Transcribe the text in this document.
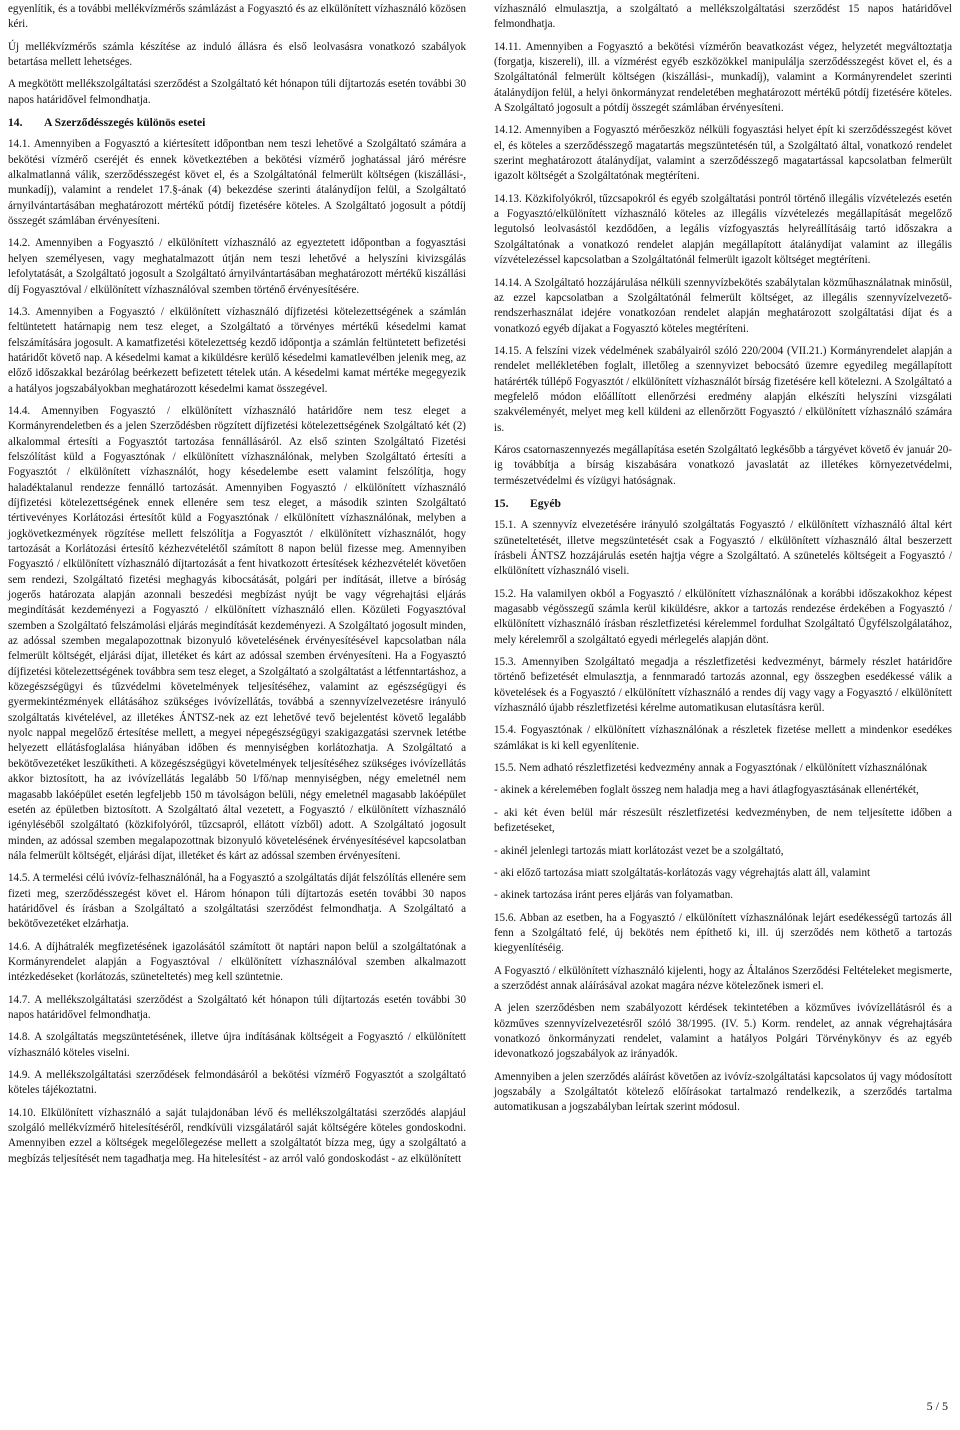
egyenlítik, és a további mellékvízmérős számlázást a Fogyasztó és az elkülönített vízhasználó közösen kéri.

Új mellékvízmérős számla készítése az induló állásra és első leolvasásra vonatkozó szabályok betartása mellett lehetséges.

A megkötött mellékszolgáltatási szerződést a Szolgáltató két hónapon túli díjtartozás esetén további 30 napos határidővel felmondhatja.

14. A Szerződésszegés különös esetei

14.1. Amennyiben a Fogyasztó a kiértesített időpontban nem teszi lehetővé a Szolgáltató számára a bekötési vízmérő cseréjét és ennek következtében a bekötési vízmérő joghatással járó mérésre alkalmatlanná válik, szerződésszegést követ el, és a Szolgáltatónál felmerült költségen (kiszállási-, munkadíj), valamint a rendelet 17.§-ának (4) bekezdése szerinti átalánydíjon felül, a Szolgáltató árnyilvántartásában meghatározott mértékű pótdíj fizetésére köteles. A Szolgáltató jogosult a pótdíj összegét számlában érvényesíteni.

14.2. Amennyiben a Fogyasztó / elkülönített vízhasználó az egyeztetett időpontban a fogyasztási helyen személyesen, vagy meghatalmazott útján nem teszi lehetővé a helyszíni kivizsgálás lefolytatását, a Szolgáltató jogosult a Szolgáltató árnyilvántartásában meghatározott mértékű kiszállási díj Fogyasztóval / elkülönített vízhasználóval szemben történő érvényesítésére.

14.3. Amennyiben a Fogyasztó / elkülönített vízhasználó díjfizetési kötelezettségének a számlán feltüntetett határnapig nem tesz eleget, a Szolgáltató a törvényes mértékű késedelmi kamat felszámítására jogosult. A kamatfizetési kötelezettség kezdő időpontja a számlán feltüntetett befizetési határidőt követő nap. A késedelmi kamat a kiküldésre kerülő késedelmi kamatlevélben jelenik meg, az előző időszakkal bezárólag beérkezett befizetett tételek után. A késedelmi kamat mértéke megegyezik a hatályos jogszabályokban meghatározott késedelmi kamat összegével.

14.4. Amennyiben Fogyasztó / elkülönített vízhasználó határidőre nem tesz eleget a Kormányrendeletben és a jelen Szerződésben rögzített díjfizetési kötelezettségének Szolgáltató két (2) alkalommal értesíti a Fogyasztót tartozása fennállásáról. Az első szinten Szolgáltató Fizetési felszólítást küld a Fogyasztónak / elkülönített vízhasználónak, melyben Szolgáltató értesíti a Fogyasztót / elkülönített vízhasználót, hogy késedelembe esett valamint felszólítja, hogy haladéktalanul rendezze fennálló tartozását. Amennyiben Fogyasztó / elkülönített vízhasználó díjfizetési kötelezettségének ennek ellenére sem tesz eleget, a második szinten Szolgáltató tértivevényes Korlátozási értesítőt küld a Fogyasztónak / elkülönített vízhasználónak, melyben a jogkövetkezmények rögzítése mellett felszólítja a Fogyasztót / elkülönített vízhasználót, hogy tartozását a Korlátozási értesítő kézhezvételétől számított 8 napon belül fizesse meg. Amennyiben Fogyasztó / elkülönített vízhasználó díjtartozását a fent hivatkozott értesítések kézhezvételét követően sem rendezi, Szolgáltató fizetési meghagyás kibocsátását, polgári per indítását, illetve a bíróság jogerős határozata alapján azonnali beszedési megbízást nyújt be vagy végrehajtási eljárás megindítását kezdeményezi a Fogyasztó / elkülönített vízhasználó ellen. Közületi Fogyasztóval szemben a Szolgáltató felszámolási eljárás megindítását kezdeményezi. A Szolgáltató jogosult minden, az adóssal szemben megalapozottnak bizonyuló követelésének érvényesítésével kapcsolatban nála felmerült költségét, eljárási díjat, illetéket és kárt az adóssal szemben érvényesíteni. Ha a Fogyasztó díjfizetési kötelezettségének továbbra sem tesz eleget, a Szolgáltató a szolgáltatást a létfenntartáshoz, a közegészségügyi és tűzvédelmi követelmények teljesítéséhez, valamint az egészségügyi és gyermekintézmények ellátásához szükséges ivóvízellátás, továbbá a szennyvízelvezetésre irányuló szolgáltatás kivételével, az illetékes ÁNTSZ-nek az ezt lehetővé tevő bejelentést követő legalább nyolc nappal megelőző értesítése mellett, a megyei népegészségügyi szakigazgatási szervnek letétbe helyezett ellátásfoglalása hiányában időben és mennyiségben korlátozhatja. A Szolgáltató a bekötővezetéket leszűkítheti. A közegészségügyi követelmények teljesítéséhez szükséges ivóvízellátás akkor biztosított, ha az ivóvízellátás legalább 50 l/fő/nap mennyiségben, négy emeletnél nem magasabb lakóépület esetén legfeljebb 150 m távolságon belüli, négy emeletnél magasabb lakóépület esetén az épületben biztosított. A Szolgáltató által vezetett, a Fogyasztó / elkülönített vízhasználó igényléséből szolgáltató (közkifolyóról, tűzcsapról, ellátott vízből) adott. A Szolgáltató jogosult minden, az adóssal szemben megalapozottnak bizonyuló követelésének érvényesítésével kapcsolatban nála felmerült költségét, eljárási díjat, illetéket és kárt az adóssal szemben érvényesíteni.

14.5. A termelési célú ivóvíz-felhasználónál, ha a Fogyasztó a szolgáltatás díját felszólítás ellenére sem fizeti meg, szerződésszegést követ el. Három hónapon túli díjtartozás esetén további 30 napos határidővel és írásban a Szolgáltató a szolgáltatási szerződést felmondhatja. A Szolgáltató a bekötővezetéket elzárhatja.

14.6. A díjhátralék megfizetésének igazolásától számított öt naptári napon belül a szolgáltatónak a Kormányrendelet alapján a Fogyasztóval / elkülönített vízhasználóval szemben alkalmazott intézkedéseket (korlátozás, szüneteltetés) meg kell szüntetnie.

14.7. A mellékszolgáltatási szerződést a Szolgáltató két hónapon túli díjtartozás esetén további 30 napos határidővel felmondhatja.

14.8. A szolgáltatás megszüntetésének, illetve újra indításának költségeit a Fogyasztó / elkülönített vízhasználó köteles viselni.

14.9. A mellékszolgáltatási szerződések felmondásáról a bekötési vízmérő Fogyasztót a szolgáltató köteles tájékoztatni.

14.10. Elkülönített vízhasználó a saját tulajdonában lévő és mellékszolgáltatási szerződés alapjául szolgáló mellékvízmérő hitelesítéséről, rendkívüli vizsgálatáról saját költségére köteles gondoskodni. Amennyiben ezzel a költségek megelőlegezése mellett a szolgáltatót bízza meg, úgy a szolgáltató a megbízás teljesítését nem tagadhatja meg. Ha hitelesítést - az arról való gondoskodást - az elkülönített

vízhasználó elmulasztja, a szolgáltató a mellékszolgáltatási szerződést 15 napos határidővel felmondhatja.

14.11. Amennyiben a Fogyasztó a bekötési vízmérőn beavatkozást végez, helyzetét megváltoztatja (forgatja, kiszereli), ill. a vízmérést egyéb eszközökkel manipulálja szerződésszegést követ el, és a Szolgáltatónál felmerült költségen (kiszállási-, munkadíj), valamint a Kormányrendelet szerinti átalánydíjon felül, a helyi önkormányzat rendeletében meghatározott mértékű pótdíj fizetésére köteles. A Szolgáltató jogosult a pótdíj összegét számlában érvényesíteni.

14.12. Amennyiben a Fogyasztó mérőeszköz nélküli fogyasztási helyet épít ki szerződésszegést követ el, és köteles a szerződésszegő magatartás megszüntetésén túl, a Szolgáltató által, vonatkozó rendelet szerint meghatározott átalánydíjat, valamint a szerződésszegő magatartással kapcsolatban felmerült igazolt költségét a Szolgáltatónak megtéríteni.

14.13. Közkifolyókról, tűzcsapokról és egyéb szolgáltatási pontról történő illegális vízvételezés esetén a Fogyasztó/elkülönített vízhasználó köteles az illegális vízvételezés megállapítását megelőző legutolsó leolvasástól kezdődően, a legális vízfogyasztás helyreállításáig tartó időszakra a Szolgáltatónak a vonatkozó rendelet alapján megállapított átalánydíjat valamint az illegális vízvételezéssel kapcsolatban a Szolgáltatónál felmerült igazolt költséget megtéríteni.

14.14. A Szolgáltató hozzájárulása nélküli szennyvízbekötés szabálytalan közműhasználatnak minősül, az ezzel kapcsolatban a Szolgáltatónál felmerült költséget, az illegális szennyvízelvezető-rendszerhasználat idejére vonatkozóan rendelet alapján meghatározott szolgáltatási díjat és a vonatkozó egyéb díjakat a Fogyasztó köteles megtéríteni.

14.15. A felszíni vizek védelmének szabályairól szóló 220/2004 (VII.21.) Kormányrendelet alapján a rendelet mellékletében foglalt, illetőleg a szennyvizet bebocsátó üzemre egyedileg megállapított határérték túllépő Fogyasztót / elkülönített vízhasználót bírság fizetésére kell kötelezni. A Szolgáltató a megfelelő módon előállított ellenőrzési eredmény alapján elkészíti helyszíni vizsgálati szakvéleményét, melyet meg kell küldeni az ellenőrzött Fogyasztó / elkülönített vízhasználó számára is.

Káros csatornaszennyezés megállapítása esetén Szolgáltató legkésőbb a tárgyévet követő év január 20-ig továbbítja a bírság kiszabására vonatkozó javaslatát az illetékes környezetvédelmi, természetvédelmi és vízügyi hatóságnak.

15. Egyéb

15.1. A szennyvíz elvezetésére irányuló szolgáltatás Fogyasztó / elkülönített vízhasználó által kért szüneteltetését, illetve megszüntetését csak a Fogyasztó / elkülönített vízhasználó által beszerzett írásbeli ÁNTSZ hozzájárulás esetén hajtja végre a Szolgáltató. A szünetelés költségeit a Fogyasztó / elkülönített vízhasználó viseli.

15.2. Ha valamilyen okból a Fogyasztó / elkülönített vízhasználónak a korábbi időszakokhoz képest magasabb végösszegű számla kerül kiküldésre, akkor a tartozás rendezése érdekében a Fogyasztó / elkülönített vízhasználó írásban részletfizetési kérelemmel fordulhat Szolgáltató Ügyfélszolgálatához, mely kérelemről a szolgáltató egyedi mérlegelés alapján dönt.

15.3. Amennyiben Szolgáltató megadja a részletfizetési kedvezményt, bármely részlet határidőre történő befizetését elmulasztja, a fennmaradó tartozás azonnal, egy összegben esedékessé válik a követelések és a Fogyasztó / elkülönített vízhasználó a rendes díj vagy vagy a Fogyasztó / elkülönített vízhasználó újabb részletfizetési kérelme automatikusan elutasításra kerül.

15.4. Fogyasztónak / elkülönített vízhasználónak a részletek fizetése mellett a mindenkor esedékes számlákat is ki kell egyenlítenie.

15.5. Nem adható részletfizetési kedvezmény annak a Fogyasztónak / elkülönített vízhasználónak

- akinek a kérelemében foglalt összeg nem haladja meg a havi átlagfogyasztásának ellenértékét,

- aki két éven belül már részesült részletfizetési kedvezményben, de nem teljesítette időben a befizetéseket,

- akinél jelenlegi tartozás miatt korlátozást vezet be a szolgáltató,

- aki előző tartozása miatt szolgáltatás-korlátozás vagy végrehajtás alatt áll, valamint

- akinek tartozása iránt peres eljárás van folyamatban.

15.6. Abban az esetben, ha a Fogyasztó / elkülönített vízhasználónak lejárt esedékességű tartozás áll fenn a Szolgáltató felé, új bekötés nem építhető ki, ill. új szerződés nem köthető a tartozás kiegyenlítéséig.

A Fogyasztó / elkülönített vízhasználó kijelenti, hogy az Általános Szerződési Feltételeket megismerte, a szerződést annak aláírásával azokat magára nézve kötelezőnek ismeri el.

A jelen szerződésben nem szabályozott kérdések tekintetében a közműves ivóvízellátásról és a közműves szennyvízelvezetésről szóló 38/1995. (IV. 5.) Korm. rendelet, az annak végrehajtására vonatkozó önkormányzati rendelet, valamint a hatályos Polgári Törvénykönyv és az egyéb idevonatkozó jogszabályok az irányadók.

Amennyiben a jelen szerződés aláírást követően az ivóvíz-szolgáltatási kapcsolatos új vagy módosított jogszabály a Szolgáltatót kötelező előírásokat tartalmazó rendelkezik, a szerződés tartalma automatikusan a jogszabályban leírtak szerint módosul.

5 / 5
